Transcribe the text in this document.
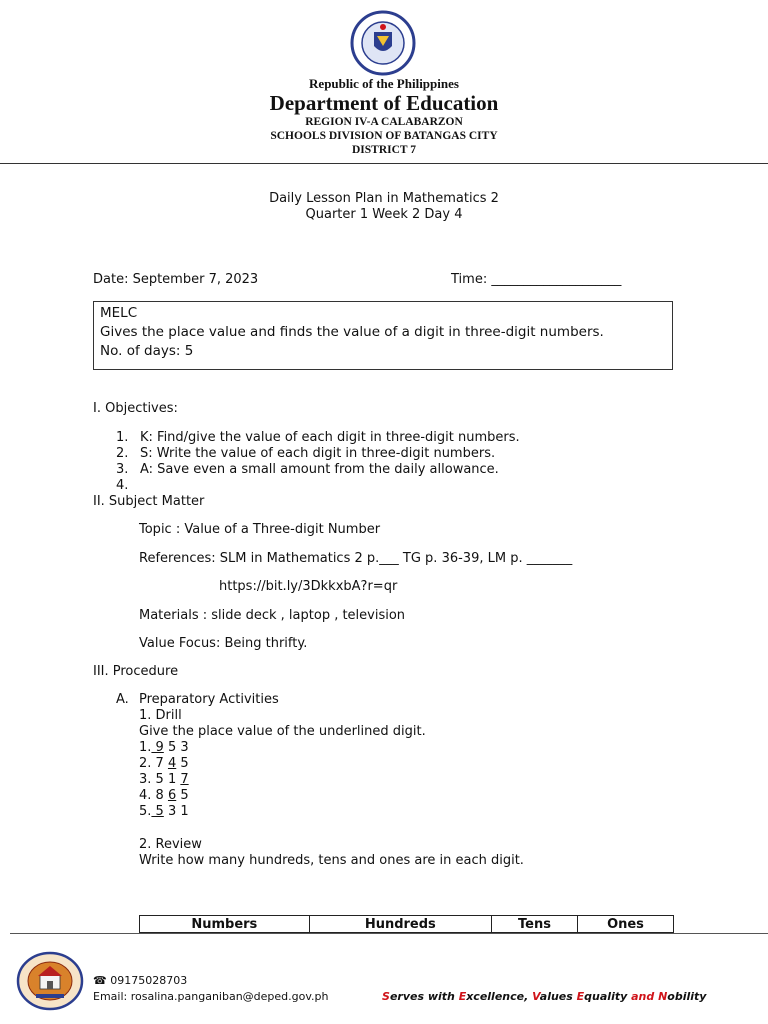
Republic of the Philippines
Department of Education
REGION IV-A CALABARZON
SCHOOLS DIVISION OF BATANGAS CITY
DISTRICT 7
Daily Lesson Plan in Mathematics 2
Quarter 1 Week 2 Day 4
Date: September 7, 2023	Time: ____________________
MELC
Gives the place value and finds the value of a digit in three-digit numbers.
No. of days: 5
I. Objectives:
1. K: Find/give the value of each digit in three-digit numbers.
2. S: Write the value of each digit in three-digit numbers.
3. A: Save even a small amount from the daily allowance.
4.
II. Subject Matter
Topic : Value of a Three-digit Number
References: SLM in Mathematics 2 p.___ TG p. 36-39, LM p. _______
https://bit.ly/3DkkxbA?r=qr
Materials : slide deck , laptop , television
Value Focus: Being thrifty.
III. Procedure
A. Preparatory Activities
1. Drill
Give the place value of the underlined digit.
1. 9 5 3
2. 7 4 5
3. 5 1 7
4. 8 6 5
5. 5 3 1
2. Review
Write how many hundreds, tens and ones are in each digit.
Numbers	Hundreds	Tens	Ones
☎ 09175028703
Email: rosalina.panganiban@deped.gov.ph	Serves with Excellence, Values Equality and Nobility
